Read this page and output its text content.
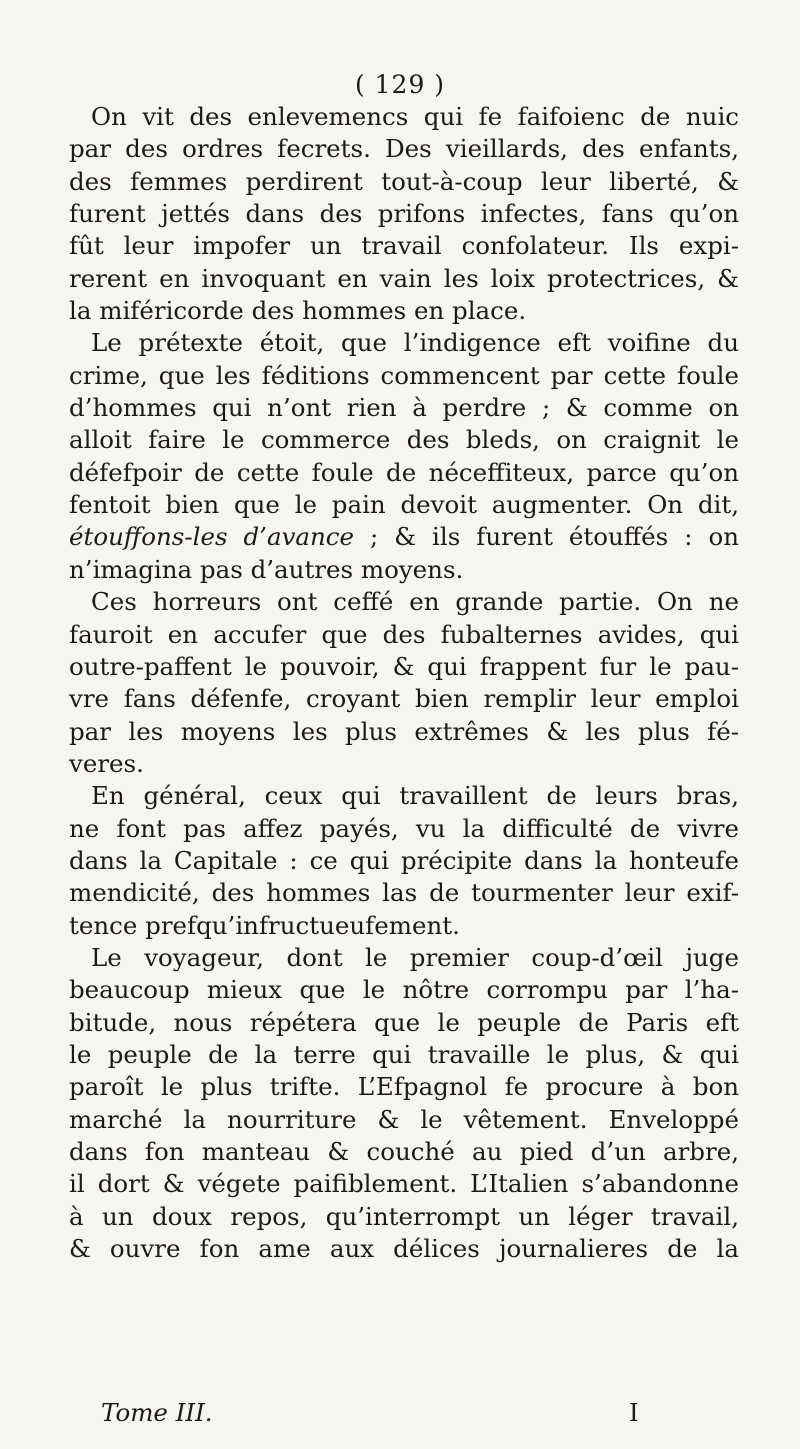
( 129 )
On vit des enlevemencs qui fe faifoienc de nuic
par des ordres fecrets. Des vieillards, des enfants,
des femmes perdirent tout-à-coup leur liberté, &
furent jettés dans des prifons infectes, fans qu’on
fût leur impofer un travail confolateur. Ils expi-
rerent en invoquant en vain les loix protectrices, &
la miféricorde des hommes en place.
Le prétexte étoit, que l’indigence eft voifine du
crime, que les féditions commencent par cette foule
d’hommes qui n’ont rien à perdre ; & comme on
alloit faire le commerce des bleds, on craignit le
défefpoir de cette foule de néceffiteux, parce qu’on
fentoit bien que le pain devoit augmenter. On dit,
étouffons-les d’avance ; & ils furent étouffés : on
n’imagina pas d’autres moyens.
Ces horreurs ont ceffé en grande partie. On ne
fauroit en accufer que des fubalternes avides, qui
outre-paffent le pouvoir, & qui frappent fur le pau-
vre fans défenfe, croyant bien remplir leur emploi
par les moyens les plus extrêmes & les plus fé-
veres.
En général, ceux qui travaillent de leurs bras,
ne font pas affez payés, vu la difficulté de vivre
dans la Capitale : ce qui précipite dans la honteufe
mendicité, des hommes las de tourmenter leur exif-
tence prefqu’infructueufement.
Le voyageur, dont le premier coup-d’œil juge
beaucoup mieux que le nôtre corrompu par l’ha-
bitude, nous répétera que le peuple de Paris eft
le peuple de la terre qui travaille le plus, & qui
paroît le plus trifte. L’Efpagnol fe procure à bon
marché la nourriture & le vêtement. Enveloppé
dans fon manteau & couché au pied d’un arbre,
il dort & végete paifiblement. L’Italien s’abandonne
à un doux repos, qu’interrompt un léger travail,
& ouvre fon ame aux délices journalieres de la
Tome III.	I
